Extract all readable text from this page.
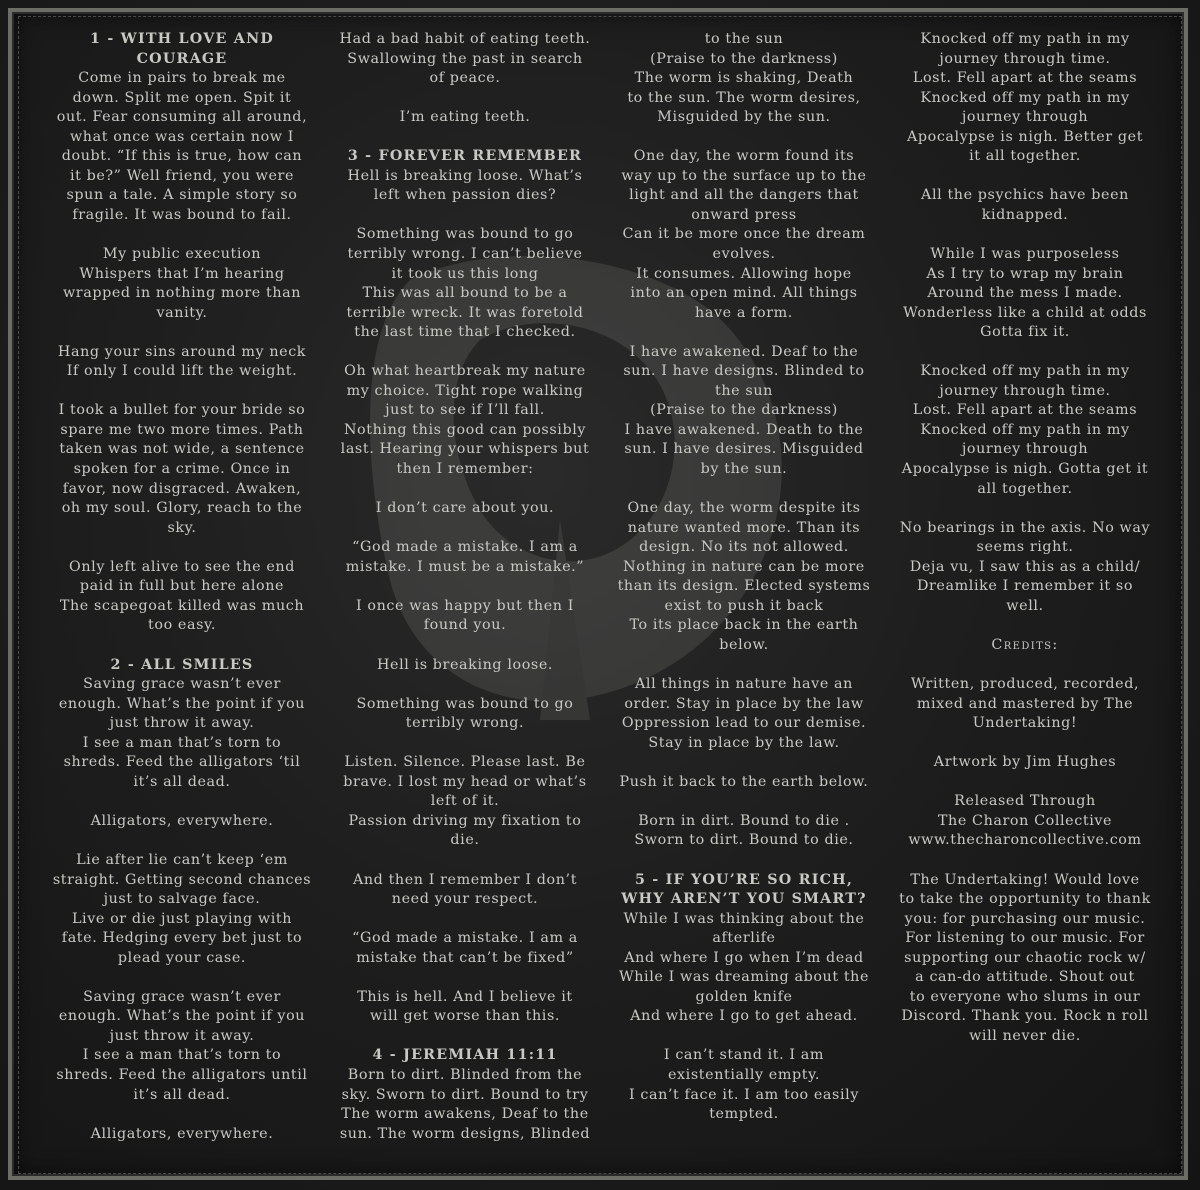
1 - WITH LOVE AND
COURAGE
Come in pairs to break me
down. Split me open. Spit it
out. Fear consuming all around,
what once was certain now I
doubt. “If this is true, how can
it be?” Well friend, you were
spun a tale. A simple story so
fragile. It was bound to fail.
My public execution
Whispers that I’m hearing
wrapped in nothing more than
vanity.
Hang your sins around my neck
If only I could lift the weight.
I took a bullet for your bride so
spare me two more times. Path
taken was not wide, a sentence
spoken for a crime. Once in
favor, now disgraced. Awaken,
oh my soul. Glory, reach to the
sky.
Only left alive to see the end
paid in full but here alone
The scapegoat killed was much
too easy.
2 - ALL SMILES
Saving grace wasn’t ever
enough. What’s the point if you
just throw it away.
I see a man that’s torn to
shreds. Feed the alligators ‘til
it’s all dead.
Alligators, everywhere.
Lie after lie can’t keep ‘em
straight. Getting second chances
just to salvage face.
Live or die just playing with
fate. Hedging every bet just to
plead your case.
Saving grace wasn’t ever
enough. What’s the point if you
just throw it away.
I see a man that’s torn to
shreds. Feed the alligators until
it’s all dead.
Alligators, everywhere.
Had a bad habit of eating teeth.
Swallowing the past in search
of peace.
I’m eating teeth.
3 - FOREVER REMEMBER
Hell is breaking loose. What’s
left when passion dies?
Something was bound to go
terribly wrong. I can’t believe
it took us this long
This was all bound to be a
terrible wreck. It was foretold
the last time that I checked.
Oh what heartbreak my nature
my choice. Tight rope walking
just to see if I’ll fall.
Nothing this good can possibly
last. Hearing your whispers but
then I remember:
I don’t care about you.
“God made a mistake. I am a
mistake. I must be a mistake.”
I once was happy but then I
found you.
Hell is breaking loose.
Something was bound to go
terribly wrong.
Listen. Silence. Please last. Be
brave. I lost my head or what’s
left of it.
Passion driving my fixation to
die.
And then I remember I don’t
need your respect.
“God made a mistake. I am a
mistake that can’t be fixed”
This is hell. And I believe it
will get worse than this.
4 - JEREMIAH 11:11
Born to dirt. Blinded from the
sky. Sworn to dirt. Bound to try
The worm awakens, Deaf to the
sun. The worm designs, Blinded
to the sun
(Praise to the darkness)
The worm is shaking, Death
to the sun. The worm desires,
Misguided by the sun.
One day, the worm found its
way up to the surface up to the
light and all the dangers that
onward press
Can it be more once the dream
evolves.
It consumes. Allowing hope
into an open mind. All things
have a form.
I have awakened. Deaf to the
sun. I have designs. Blinded to
the sun
(Praise to the darkness)
I have awakened. Death to the
sun. I have desires. Misguided
by the sun.
One day, the worm despite its
nature wanted more. Than its
design. No its not allowed.
Nothing in nature can be more
than its design. Elected systems
exist to push it back
To its place back in the earth
below.
All things in nature have an
order. Stay in place by the law
Oppression lead to our demise.
Stay in place by the law.
Push it back to the earth below.
Born in dirt. Bound to die .
Sworn to dirt. Bound to die.
5 - IF YOU’RE SO RICH,
WHY AREN’T YOU SMART?
While I was thinking about the
afterlife
And where I go when I’m dead
While I was dreaming about the
golden knife
And where I go to get ahead.
I can’t stand it. I am
existentially empty.
I can’t face it. I am too easily
tempted.
Knocked off my path in my
journey through time.
Lost. Fell apart at the seams
Knocked off my path in my
journey through
Apocalypse is nigh. Better get
it all together.
All the psychics have been
kidnapped.
While I was purposeless
As I try to wrap my brain
Around the mess I made.
Wonderless like a child at odds
Gotta fix it.
Knocked off my path in my
journey through time.
Lost. Fell apart at the seams
Knocked off my path in my
journey through
Apocalypse is nigh. Gotta get it
all together.
No bearings in the axis. No way
seems right.
Deja vu, I saw this as a child/
Dreamlike I remember it so
well.
Credits:
Written, produced, recorded,
mixed and mastered by The
Undertaking!
Artwork by Jim Hughes
Released Through
The Charon Collective
www.thecharoncollective.com
The Undertaking! Would love
to take the opportunity to thank
you: for purchasing our music.
For listening to our music. For
supporting our chaotic rock w/
a can-do attitude. Shout out
to everyone who slums in our
Discord. Thank you. Rock n roll
will never die.
